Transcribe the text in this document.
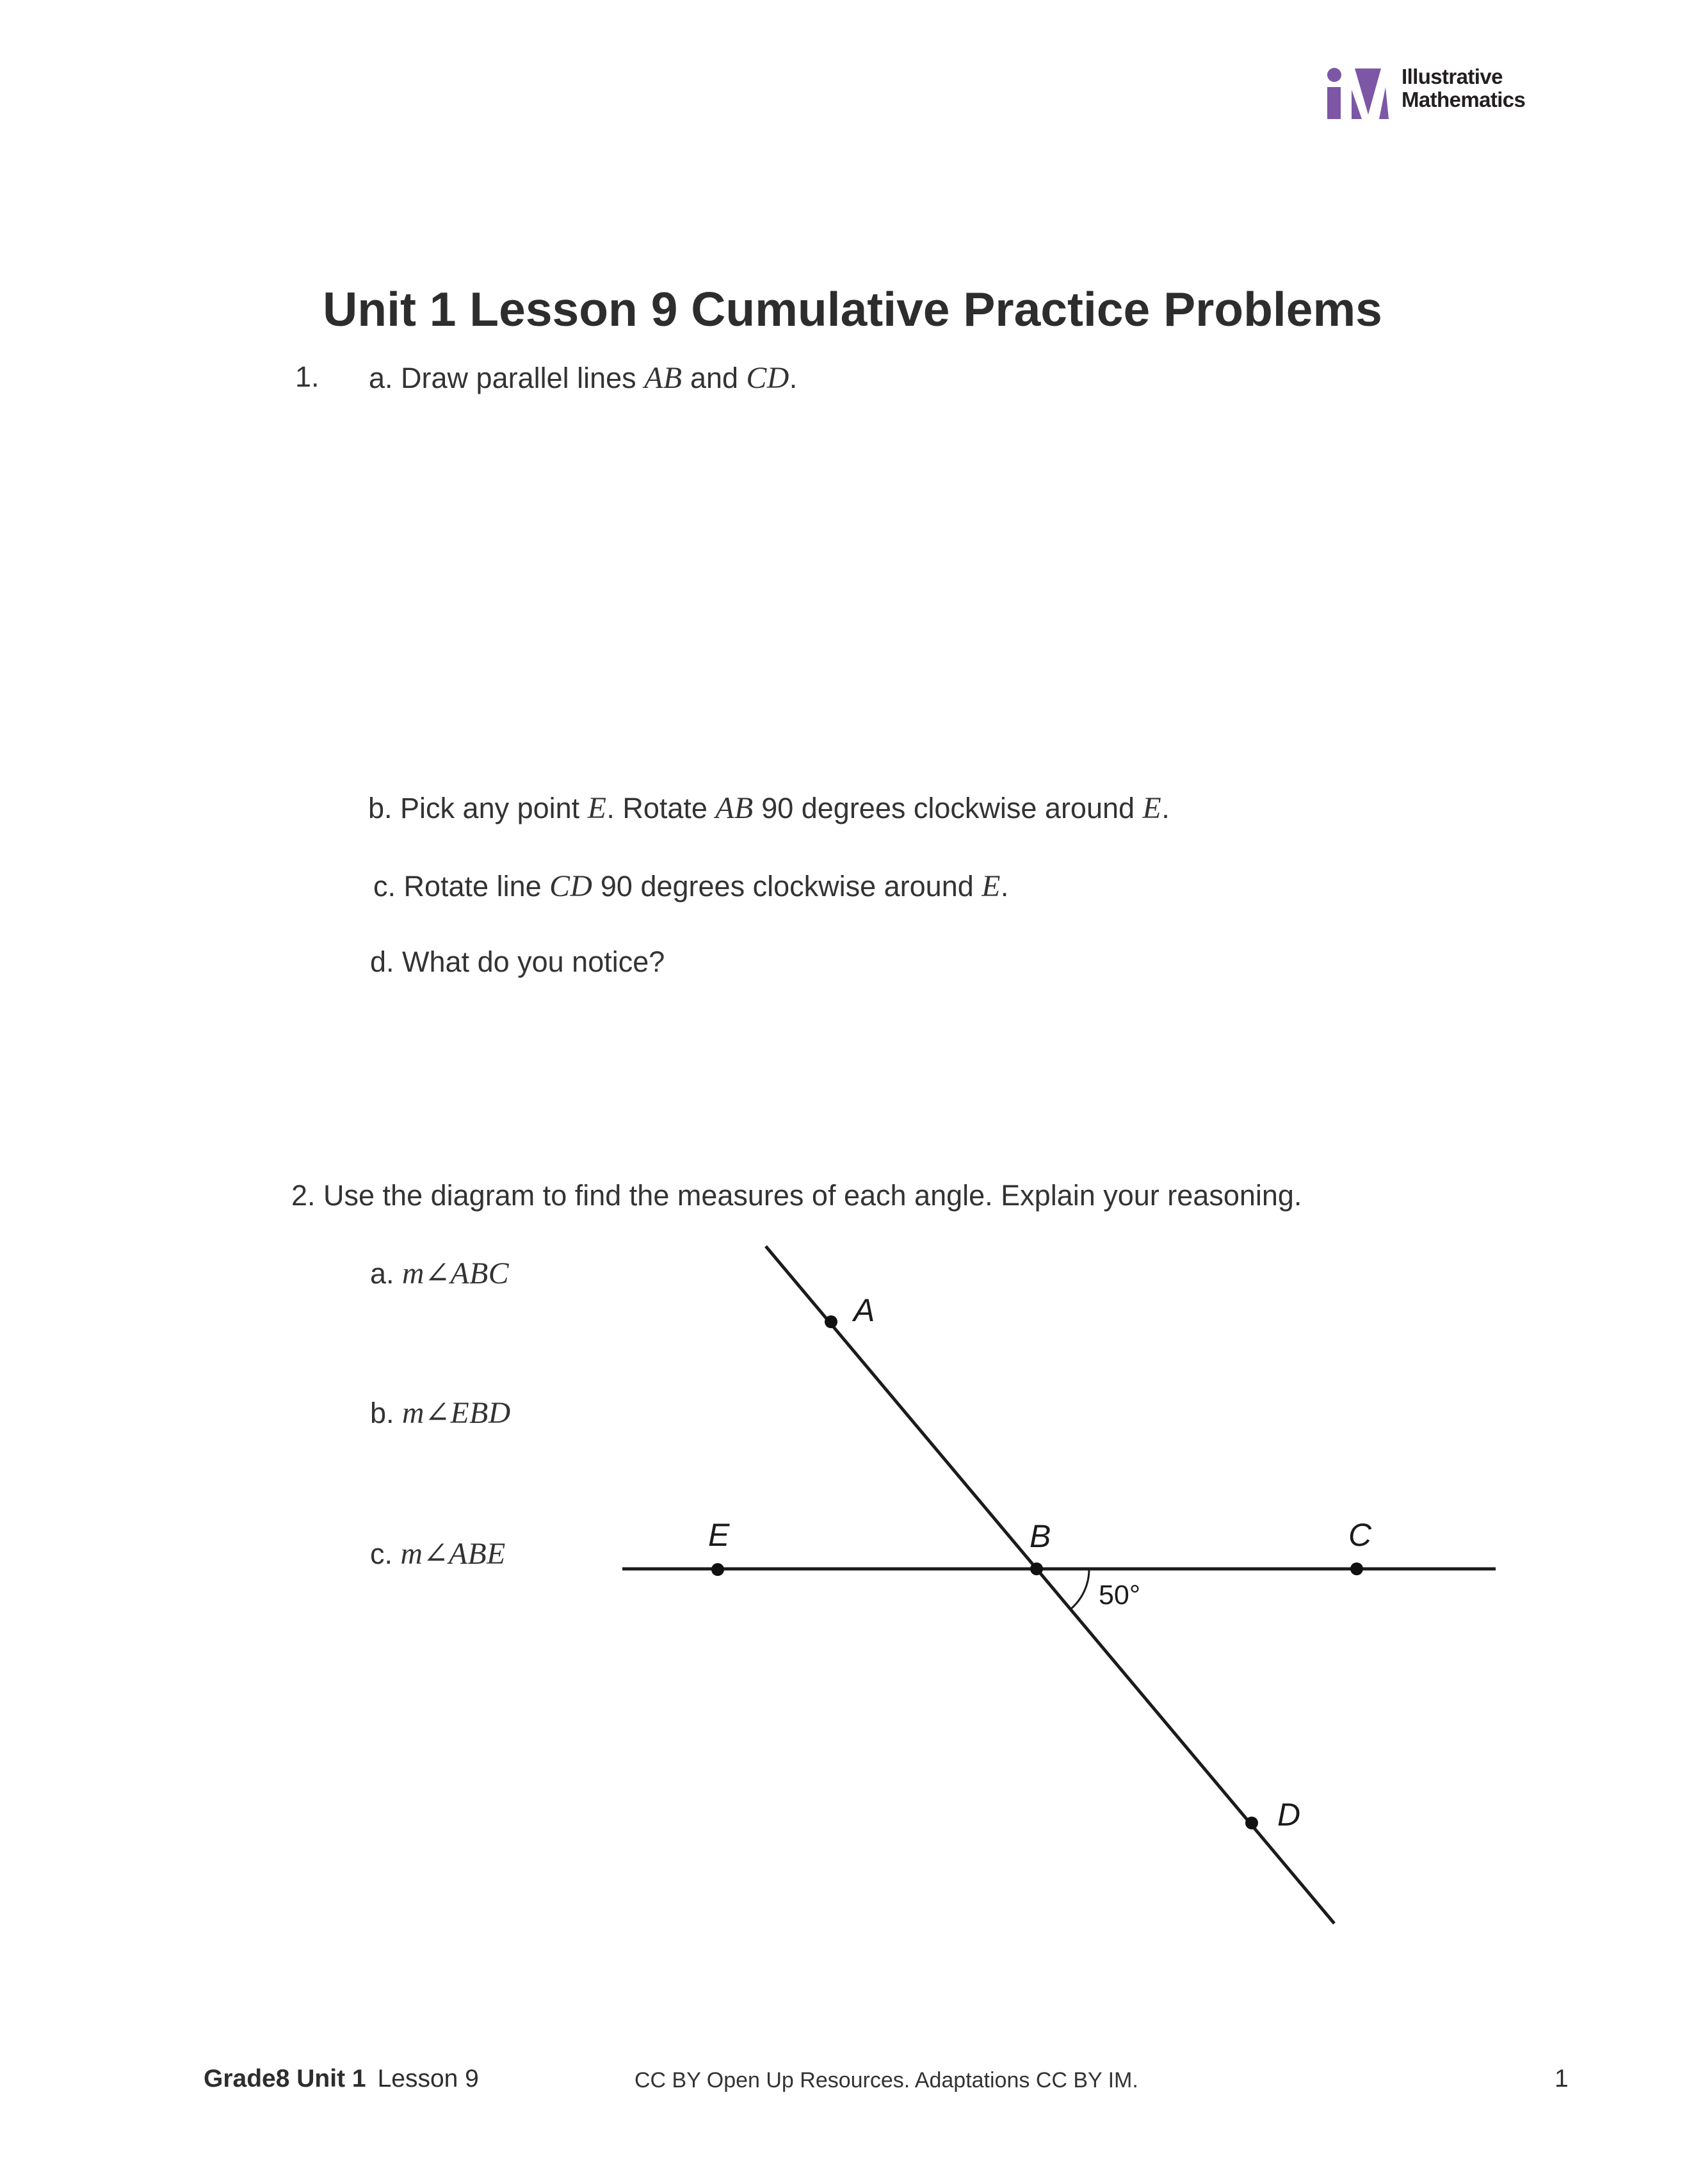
Illustrative
Mathematics
Unit 1 Lesson 9 Cumulative Practice Problems
1. a. Draw parallel lines AB and CD.
b. Pick any point E. Rotate AB 90 degrees clockwise around E.
c. Rotate line CD 90 degrees clockwise around E.
d. What do you notice?
2. Use the diagram to find the measures of each angle. Explain your reasoning.
a. m∠ABC
b. m∠EBD
c. m∠ABE
A
B	C
D
E
50°
Grade8 Unit 1 Lesson 9	CC BY Open Up Resources. Adaptations CC BY IM.	1
